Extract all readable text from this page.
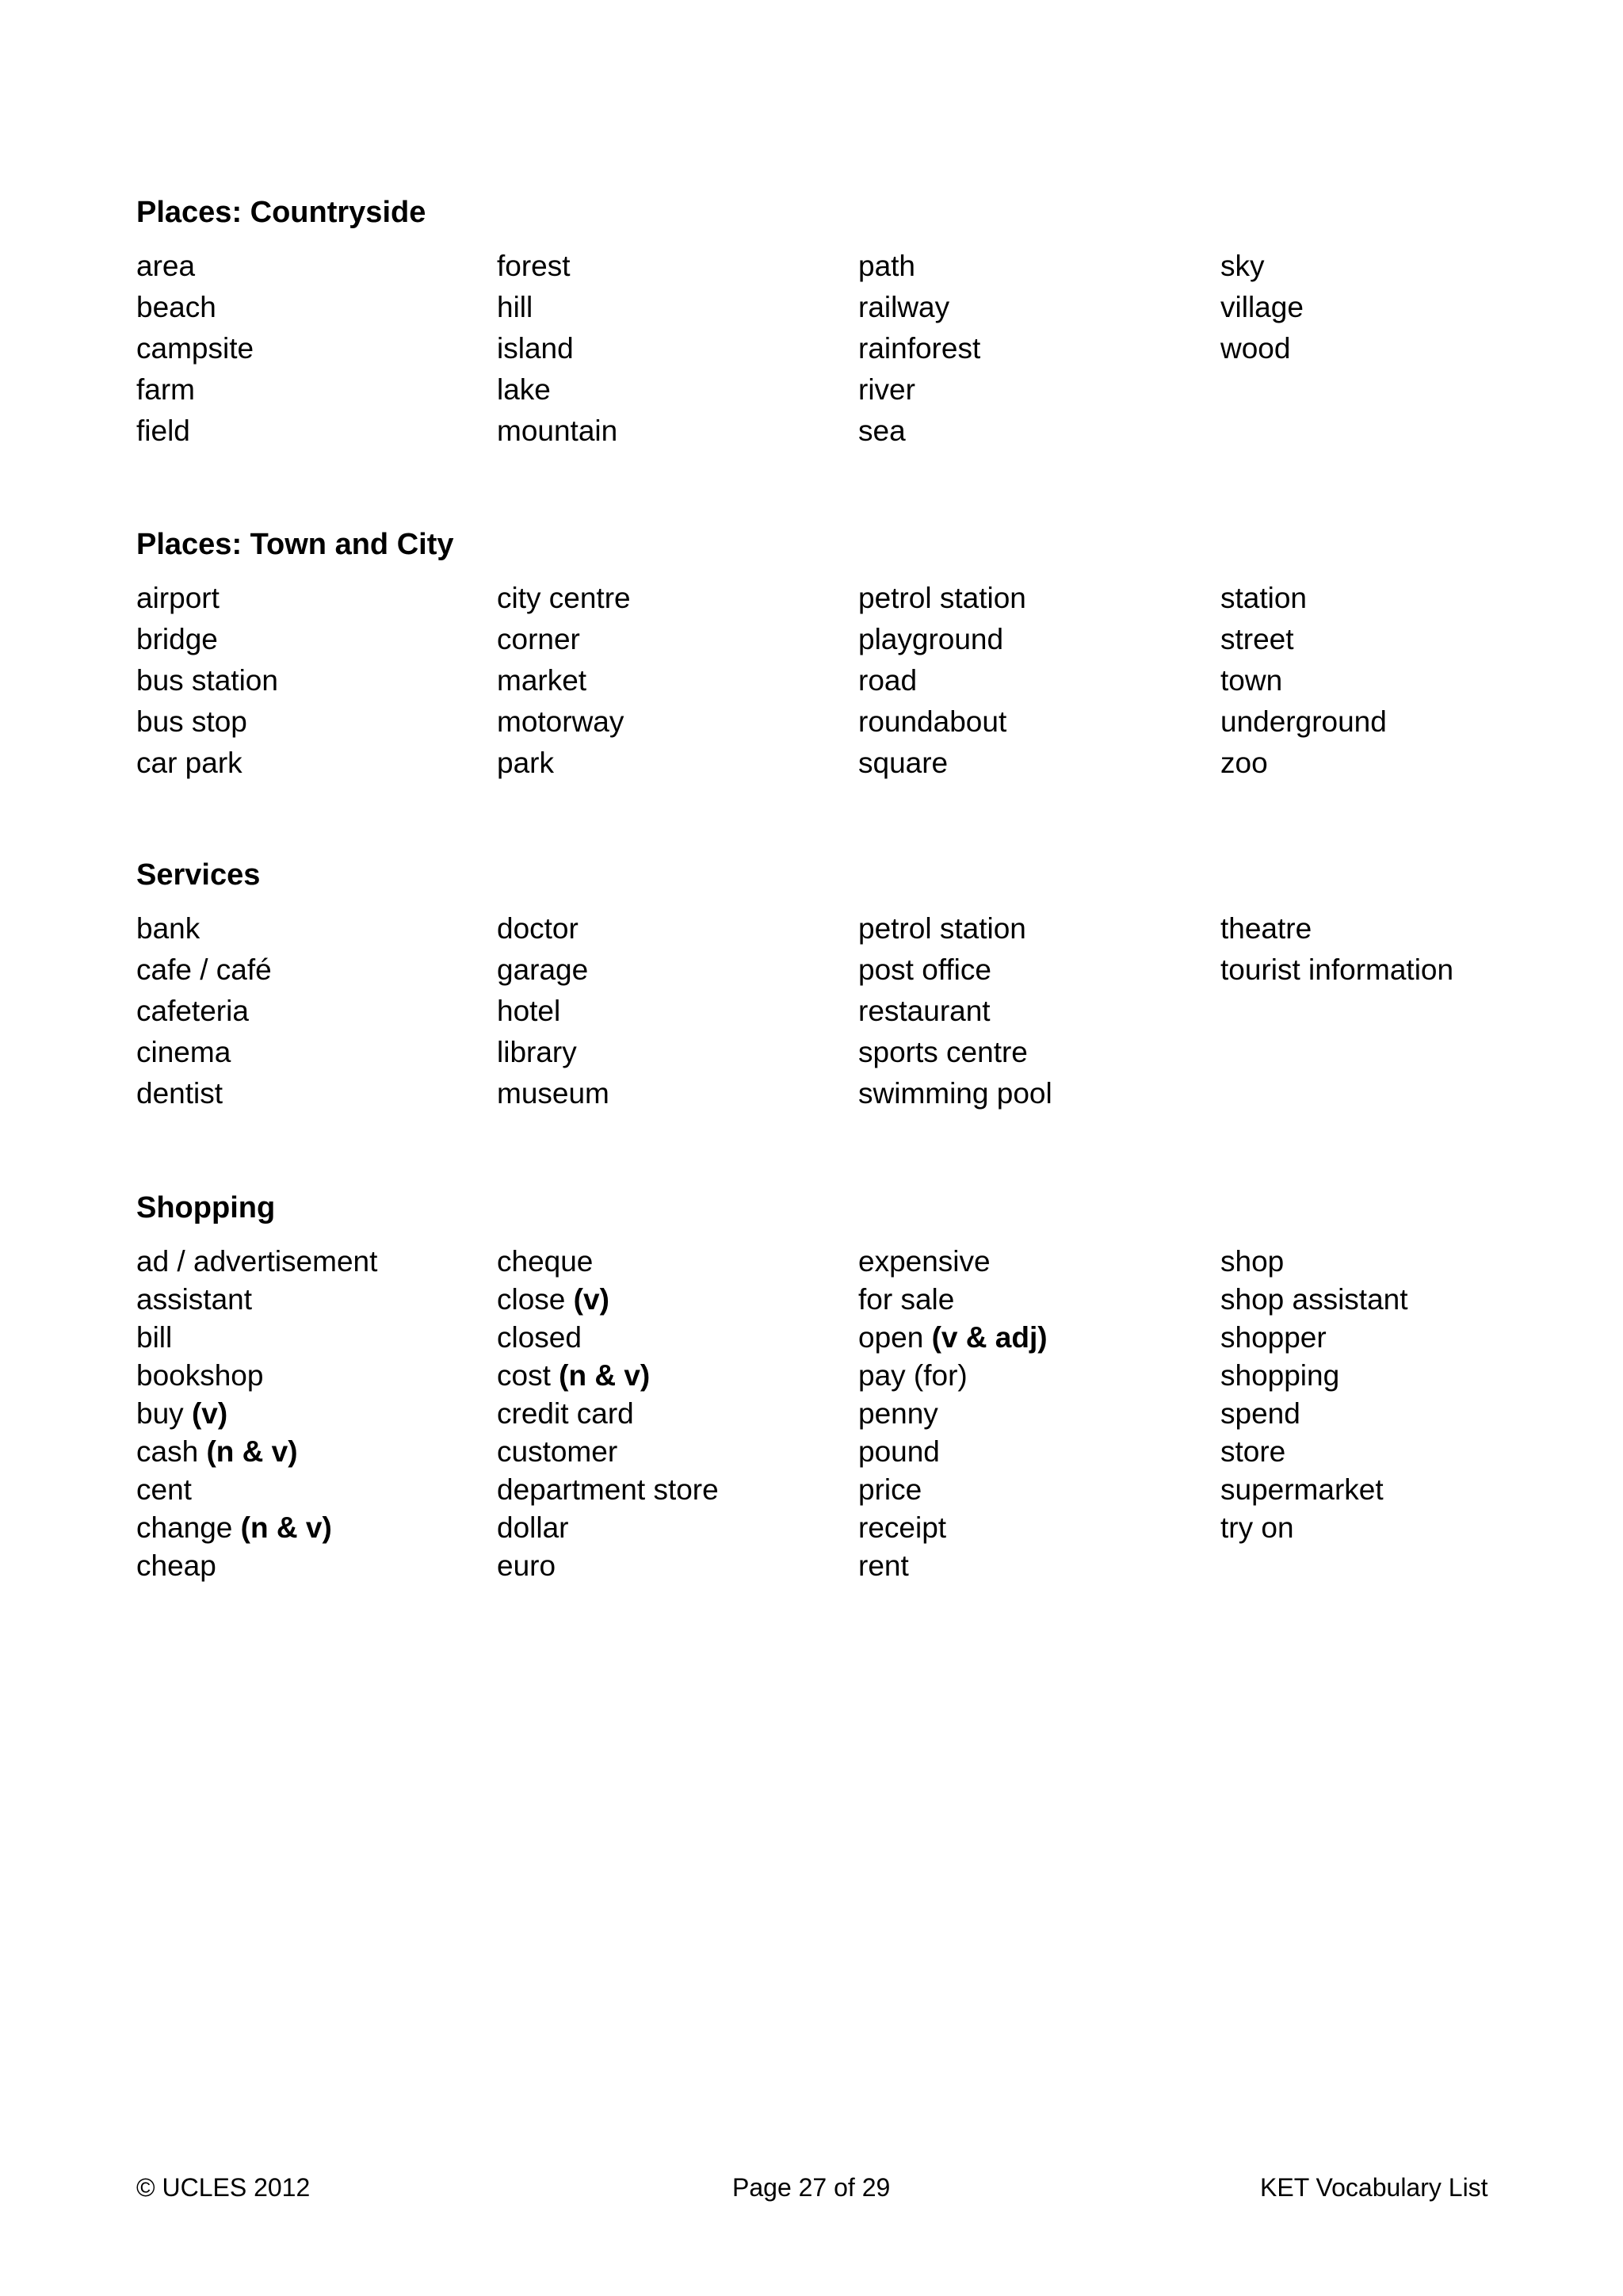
Places: Countryside
area
beach
campsite
farm
field
forest
hill
island
lake
mountain
path
railway
rainforest
river
sea
sky
village
wood
Places: Town and City
airport
bridge
bus station
bus stop
car park
city centre
corner
market
motorway
park
petrol station
playground
road
roundabout
square
station
street
town
underground
zoo
Services
bank
cafe / café
cafeteria
cinema
dentist
doctor
garage
hotel
library
museum
petrol station
post office
restaurant
sports centre
swimming pool
theatre
tourist information
Shopping
ad / advertisement
assistant
bill
bookshop
buy (v)
cash (n & v)
cent
change (n & v)
cheap
cheque
close (v)
closed
cost (n & v)
credit card
customer
department store
dollar
euro
expensive
for sale
open (v & adj)
pay (for)
penny
pound
price
receipt
rent
shop
shop assistant
shopper
shopping
spend
store
supermarket
try on
© UCLES 2012	Page 27 of 29	KET Vocabulary List
